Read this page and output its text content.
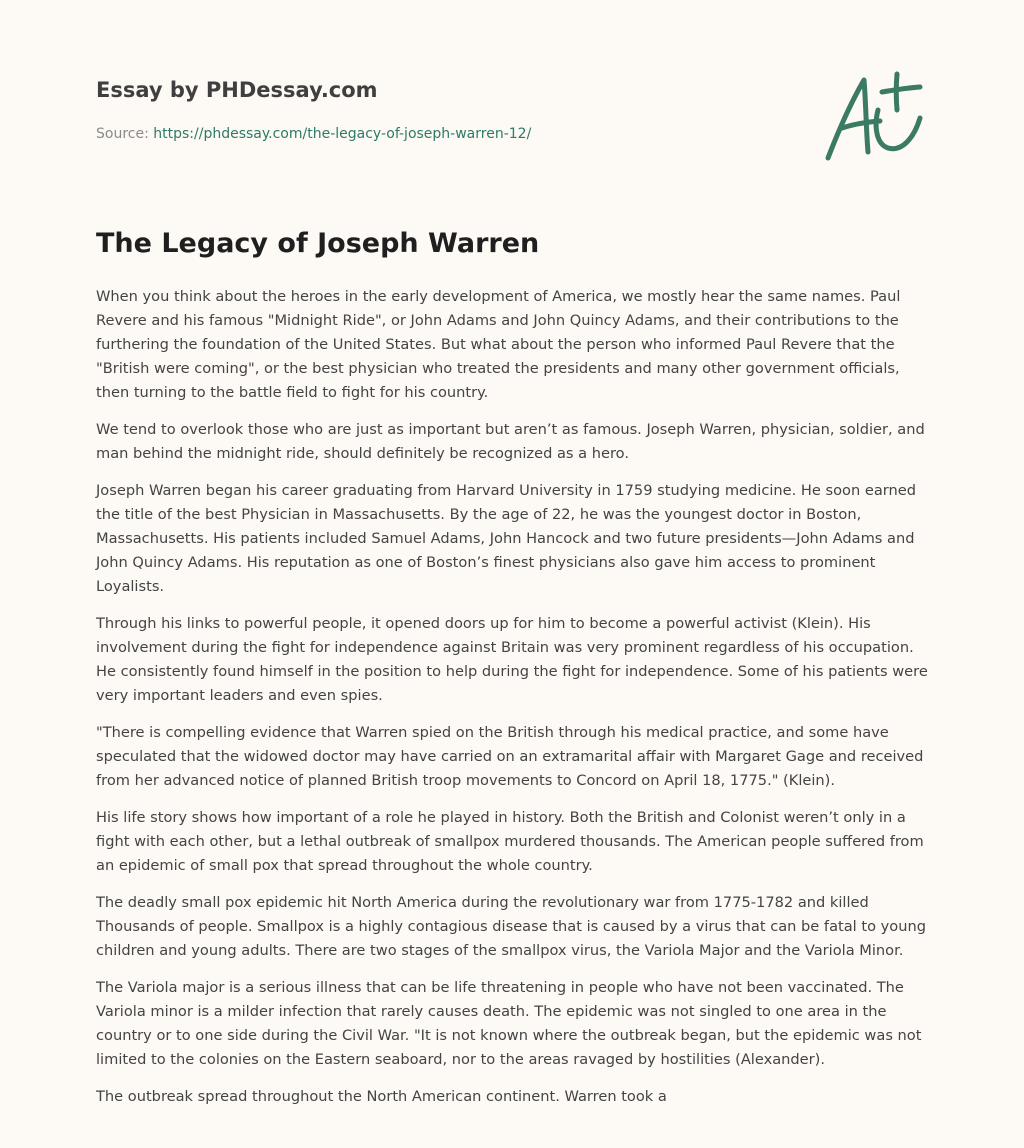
Essay by PHDessay.com
Source: https://phdessay.com/the-legacy-of-joseph-warren-12/
The Legacy of Joseph Warren

When you think about the heroes in the early development of America, we mostly hear the same names. Paul Revere and his famous "Midnight Ride", or John Adams and John Quincy Adams, and their contributions to the furthering the foundation of the United States. But what about the person who informed Paul Revere that the "British were coming", or the best physician who treated the presidents and many other government officials, then turning to the battle field to fight for his country.

We tend to overlook those who are just as important but aren’t as famous. Joseph Warren, physician, soldier, and man behind the midnight ride, should definitely be recognized as a hero.

Joseph Warren began his career graduating from Harvard University in 1759 studying medicine. He soon earned the title of the best Physician in Massachusetts. By the age of 22, he was the youngest doctor in Boston, Massachusetts. His patients included Samuel Adams, John Hancock and two future presidents—John Adams and John Quincy Adams. His reputation as one of Boston’s finest physicians also gave him access to prominent Loyalists.

Through his links to powerful people, it opened doors up for him to become a powerful activist (Klein). His involvement during the fight for independence against Britain was very prominent regardless of his occupation. He consistently found himself in the position to help during the fight for independence. Some of his patients were very important leaders and even spies.

"There is compelling evidence that Warren spied on the British through his medical practice, and some have speculated that the widowed doctor may have carried on an extramarital affair with Margaret Gage and received from her advanced notice of planned British troop movements to Concord on April 18, 1775." (Klein).

His life story shows how important of a role he played in history. Both the British and Colonist weren’t only in a fight with each other, but a lethal outbreak of smallpox murdered thousands. The American people suffered from an epidemic of small pox that spread throughout the whole country.

The deadly small pox epidemic hit North America during the revolutionary war from 1775-1782 and killed Thousands of people. Smallpox is a highly contagious disease that is caused by a virus that can be fatal to young children and young adults. There are two stages of the smallpox virus, the Variola Major and the Variola Minor.

The Variola major is a serious illness that can be life threatening in people who have not been vaccinated. The Variola minor is a milder infection that rarely causes death. The epidemic was not singled to one area in the country or to one side during the Civil War. "It is not known where the outbreak began, but the epidemic was not limited to the colonies on the Eastern seaboard, nor to the areas ravaged by hostilities (Alexander).

The outbreak spread throughout the North American continent. Warren took a
